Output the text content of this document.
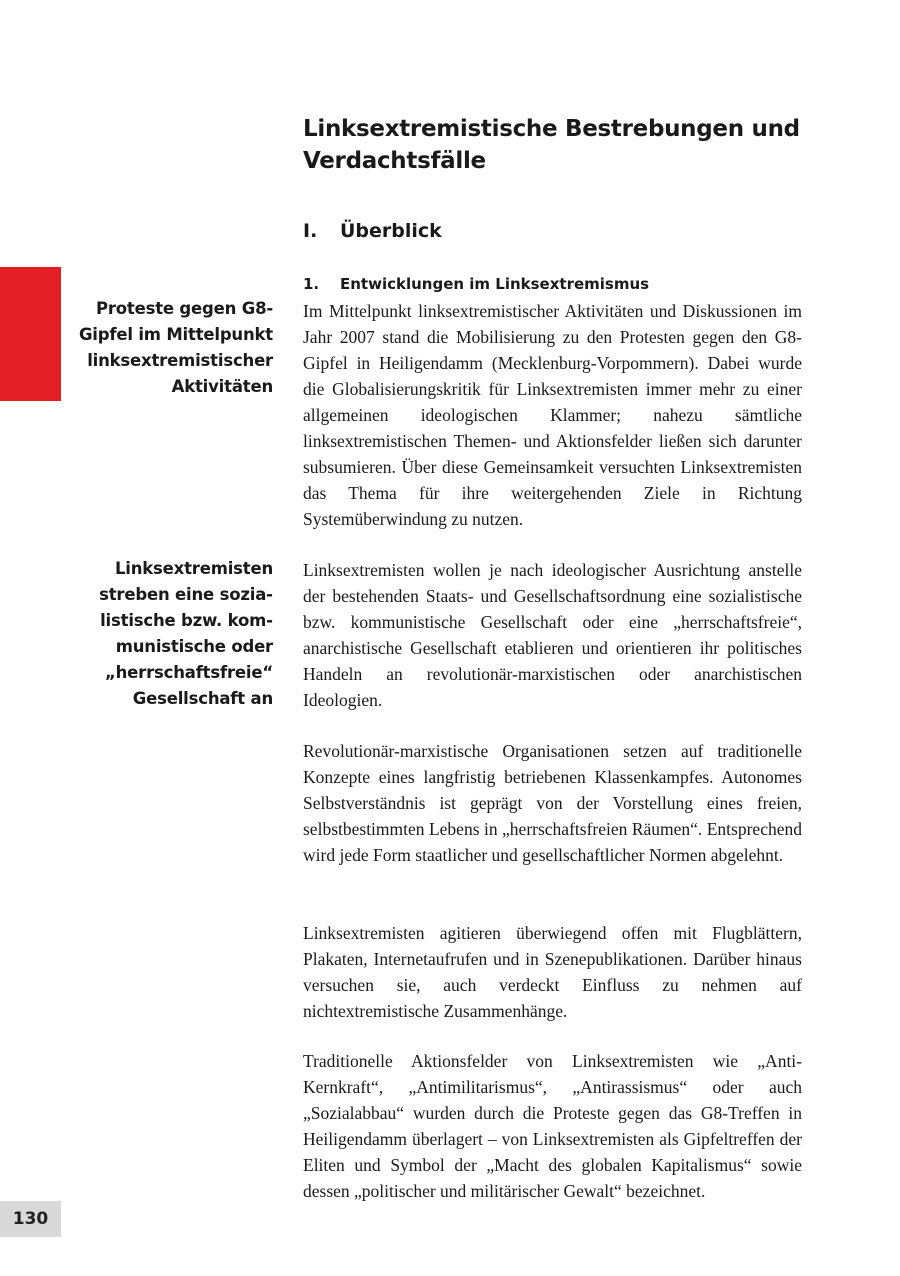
Linksextremistische Bestrebungen und Verdachtsfälle
I. Überblick
1. Entwicklungen im Linksextremismus

Proteste gegen G8-Gipfel im Mittelpunkt linksextremistischer Aktivitäten

Linksextremisten streben eine sozialistische bzw. kommunistische oder „herrschaftsfreie“ Gesellschaft an

Im Mittelpunkt linksextremistischer Aktivitäten und Diskussionen im Jahr 2007 stand die Mobilisierung zu den Protesten gegen den G8-Gipfel in Heiligendamm (Mecklenburg-Vorpommern). Dabei wurde die Globalisierungskritik für Linksextremisten immer mehr zu einer allgemeinen ideologischen Klammer; nahezu sämtliche linksextremistischen Themen- und Aktionsfelder ließen sich darunter subsumieren. Über diese Gemeinsamkeit versuchten Linksextremisten das Thema für ihre weitergehenden Ziele in Richtung Systemüberwindung zu nutzen.

Linksextremisten wollen je nach ideologischer Ausrichtung anstelle der bestehenden Staats- und Gesellschaftsordnung eine sozialistische bzw. kommunistische Gesellschaft oder eine „herrschaftsfreie“, anarchistische Gesellschaft etablieren und orientieren ihr politisches Handeln an revolutionär-marxistischen oder anarchistischen Ideologien.

Revolutionär-marxistische Organisationen setzen auf traditionelle Konzepte eines langfristig betriebenen Klassenkampfes. Autonomes Selbstverständnis ist geprägt von der Vorstellung eines freien, selbstbestimmten Lebens in „herrschaftsfreien Räumen“. Entsprechend wird jede Form staatlicher und gesellschaftlicher Normen abgelehnt.

Linksextremisten agitieren überwiegend offen mit Flugblättern, Plakaten, Internetaufrufen und in Szenepublikationen. Darüber hinaus versuchen sie, auch verdeckt Einfluss zu nehmen auf nichtextremistische Zusammenhänge.

Traditionelle Aktionsfelder von Linksextremisten wie „Anti-Kernkraft“, „Antimilitarismus“, „Antirassismus“ oder auch „Sozialabbau“ wurden durch die Proteste gegen das G8-Treffen in Heiligendamm überlagert – von Linksextremisten als Gipfeltreffen der Eliten und Symbol der „Macht des globalen Kapitalismus“ sowie dessen „politischer und militärischer Gewalt“ bezeichnet.

130
